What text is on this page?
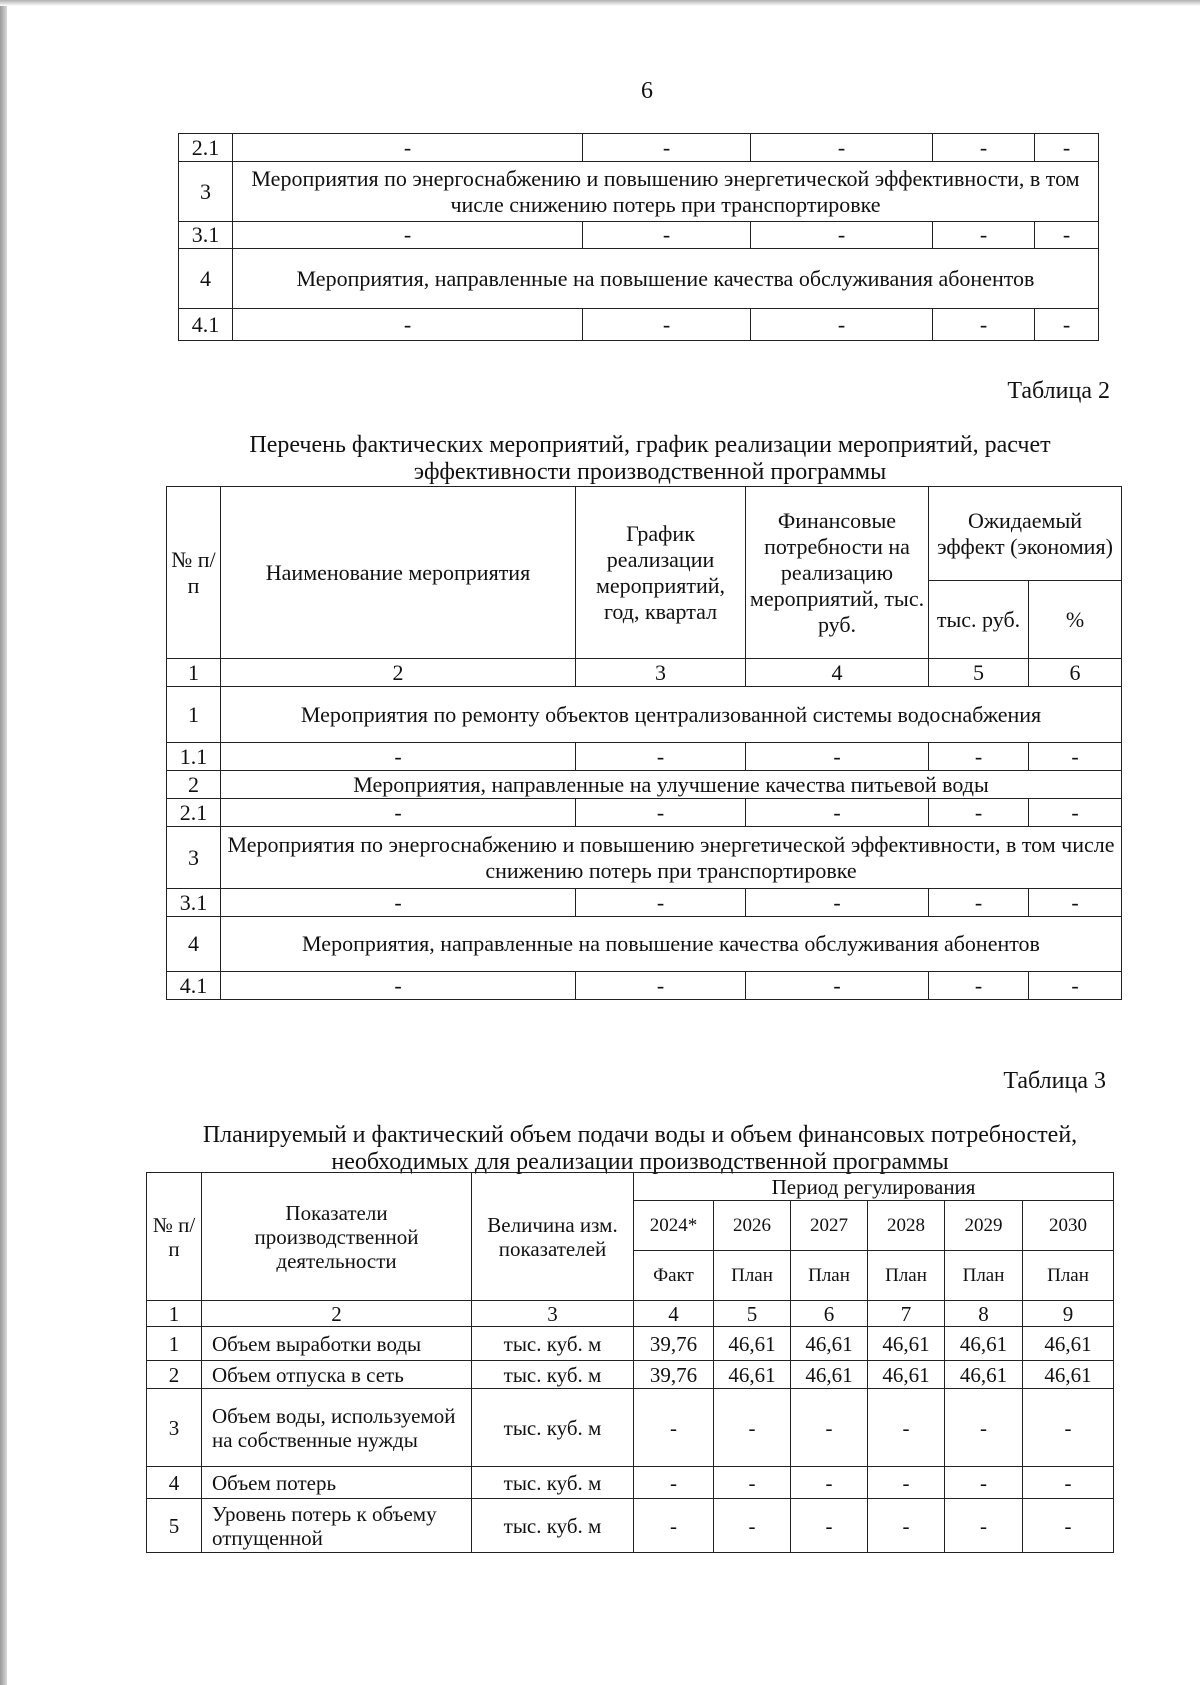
6
2.1	-	-	-	-	-
3	Мероприятия по энергоснабжению и повышению энергетической эффективности, в том числе снижению потерь при транспортировке				
3.1	-	-	-	-	-
4	Мероприятия, направленные на повышение качества обслуживания абонентов				
4.1	-	-	-	-	-
Таблица 2
Перечень фактических мероприятий, график реализации мероприятий, расчет эффективности производственной программы
№ п/ п	Наименование мероприятия	График реализации мероприятий, год, квартал	Финансовые потребности на реализацию мероприятий, тыс. руб.	Ожидаемый эффект (экономия)	
				тыс. руб.	%
1	2	3	4	5	6
1	Мероприятия по ремонту объектов централизованной системы водоснабжения				
1.1	-	-	-	-	-
2	Мероприятия, направленные на улучшение качества питьевой воды				
2.1	-	-	-	-	-
3	Мероприятия по энергоснабжению и повышению энергетической эффективности, в том числе снижению потерь при транспортировке				
3.1	-	-	-	-	-
4	Мероприятия, направленные на повышение качества обслуживания абонентов				
4.1	-	-	-	-	-
Таблица 3
Планируемый и фактический объем подачи воды и объем финансовых потребностей, необходимых для реализации производственной программы
№ п/п	Показатели производственной деятельности	Величина изм. показателей	Период регулирования					
			2024*	2026	2027	2028	2029	2030
			Факт	План	План	План	План	План
1	2	3	4	5	6	7	8	9
1	Объем выработки воды	тыс. куб. м	39,76	46,61	46,61	46,61	46,61	46,61
2	Объем отпуска в сеть	тыс. куб. м	39,76	46,61	46,61	46,61	46,61	46,61
3	Объем воды, используемой на собственные нужды	тыс. куб. м	-	-	-	-	-	-
4	Объем потерь	тыс. куб. м	-	-	-	-	-	-
5	Уровень потерь к объему отпущенной	тыс. куб. м	-	-	-	-	-	-
